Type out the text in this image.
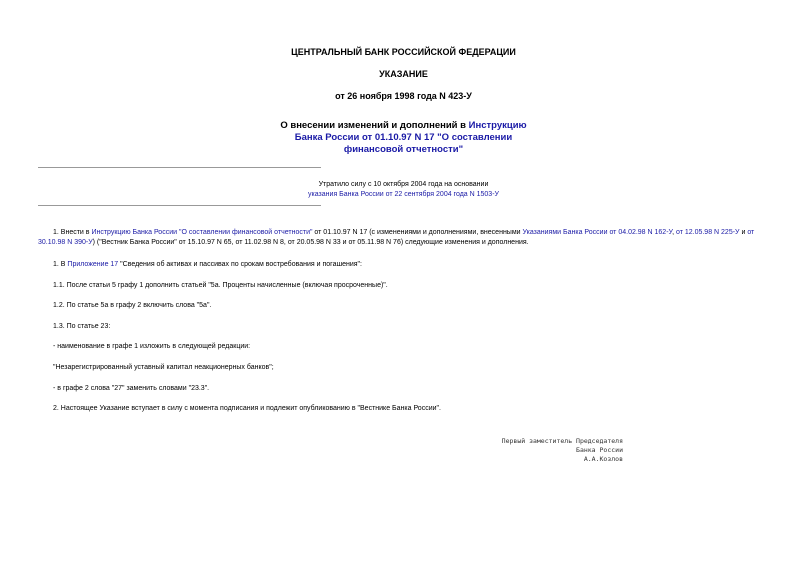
ЦЕНТРАЛЬНЫЙ БАНК РОССИЙСКОЙ ФЕДЕРАЦИИ
УКАЗАНИЕ
от 26 ноября 1998 года N 423-У
О внесении изменений и дополнений в Инструкцию
Банка России от 01.10.97 N 17 "О составлении
финансовой отчетности"
Утратило силу с 10 октября 2004 года на основании
указания Банка России от 22 сентября 2004 года N 1503-У
1. Внести в Инструкцию Банка России "О составлении финансовой отчетности" от 01.10.97 N 17 (с изменениями и дополнениями, внесенными Указаниями Банка России от 04.02.98 N 162-У, от 12.05.98 N 225-У и от 30.10.98 N 390-У) ("Вестник Банка России" от 15.10.97 N 65, от 11.02.98 N 8, от 20.05.98 N 33 и от 05.11.98 N 76) следующие изменения и дополнения.
1. В Приложение 17 "Сведения об активах и пассивах по срокам востребования и погашения":
1.1. После статьи 5 графу 1 дополнить статьей "5а. Проценты начисленные (включая просроченные)".
1.2. По статье 5а в графу 2 включить слова "5а".
1.3. По статье 23:
- наименование в графе 1 изложить в следующей редакции:
"Незарегистрированный уставный капитал неакционерных банков";
- в графе 2 слова "27" заменить словами "23.3".
2. Настоящее Указание вступает в силу с момента подписания и подлежит опубликованию в "Вестнике Банка России".
Первый заместитель Председателя
Банка России
А.А.Козлов
